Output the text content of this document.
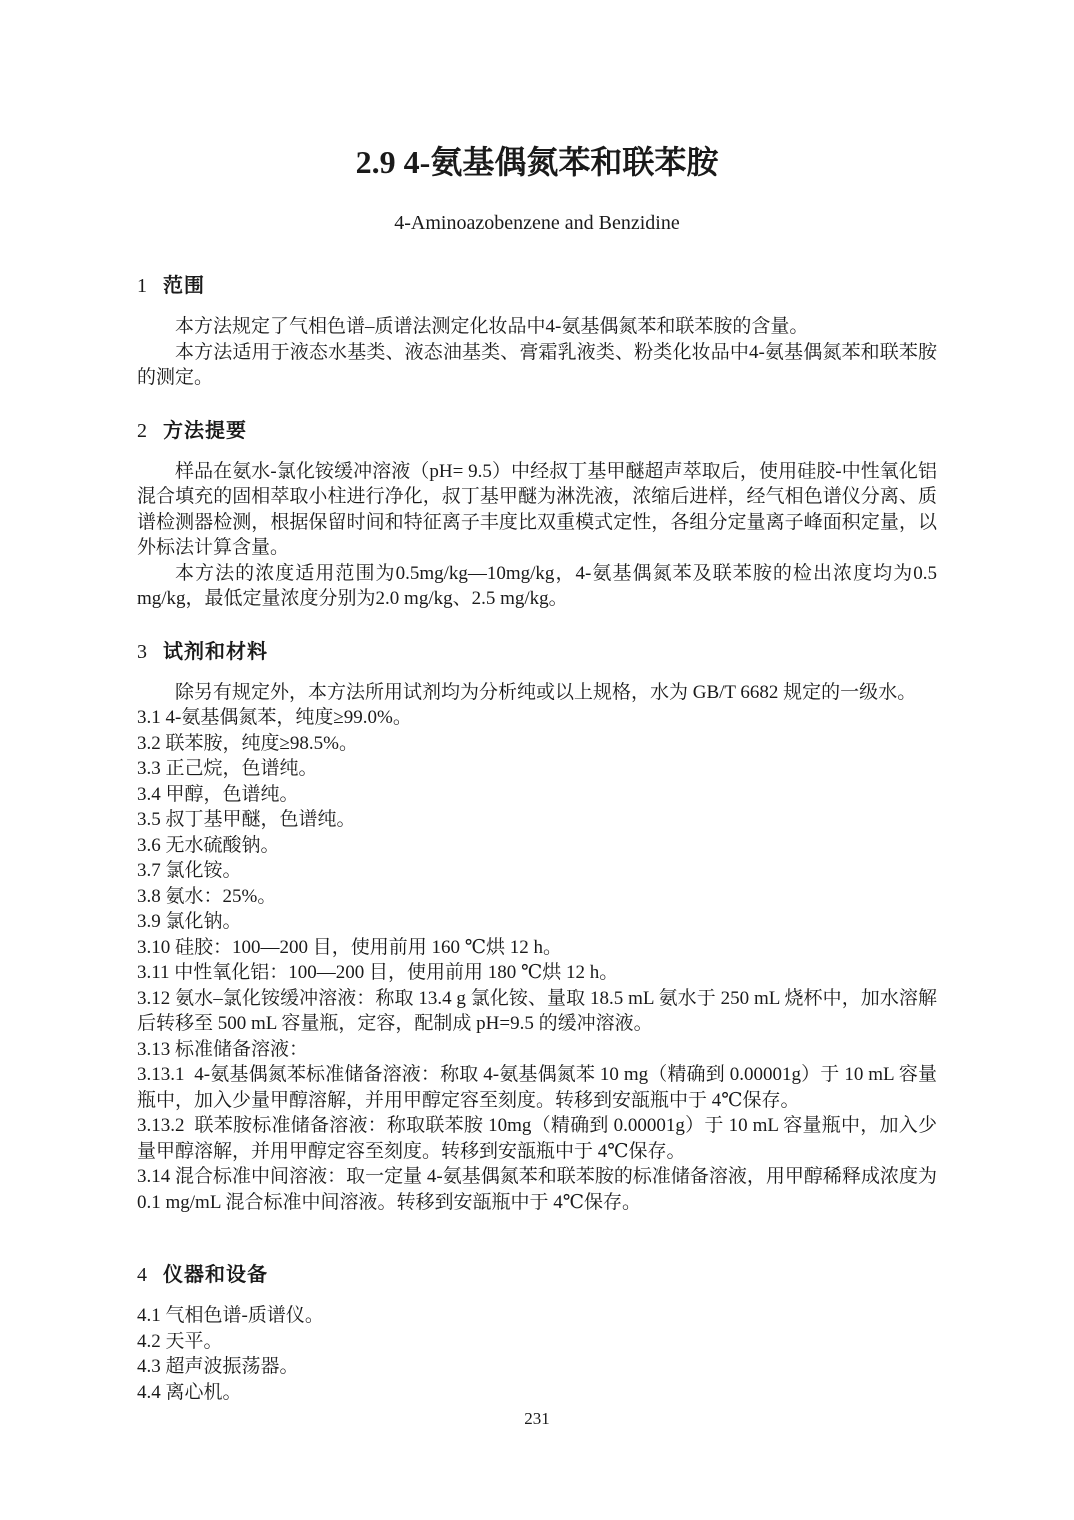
2.9 4-氨基偶氮苯和联苯胺
4-Aminoazobenzene and Benzidine
1 范围

本方法规定了气相色谱–质谱法测定化妆品中4-氨基偶氮苯和联苯胺的含量。

本方法适用于液态水基类、液态油基类、膏霜乳液类、粉类化妆品中4-氨基偶氮苯和联苯胺的测定。

2 方法提要

样品在氨水-氯化铵缓冲溶液（pH= 9.5）中经叔丁基甲醚超声萃取后，使用硅胶-中性氧化铝混合填充的固相萃取小柱进行净化，叔丁基甲醚为淋洗液，浓缩后进样，经气相色谱仪分离、质谱检测器检测，根据保留时间和特征离子丰度比双重模式定性，各组分定量离子峰面积定量，以外标法计算含量。

本方法的浓度适用范围为0.5mg/kg—10mg/kg，4-氨基偶氮苯及联苯胺的检出浓度均为0.5 mg/kg，最低定量浓度分别为2.0 mg/kg、2.5 mg/kg。

3 试剂和材料

除另有规定外，本方法所用试剂均为分析纯或以上规格，水为 GB/T 6682 规定的一级水。

3.1 4-氨基偶氮苯，纯度≥99.0%。

3.2 联苯胺，纯度≥98.5%。

3.3 正己烷，色谱纯。

3.4 甲醇，色谱纯。

3.5 叔丁基甲醚，色谱纯。

3.6 无水硫酸钠。

3.7 氯化铵。

3.8 氨水：25%。

3.9 氯化钠。

3.10 硅胶：100—200 目，使用前用 160 ℃烘 12 h。

3.11 中性氧化铝：100—200 目，使用前用 180 ℃烘 12 h。

3.12 氨水–氯化铵缓冲溶液：称取 13.4 g 氯化铵、量取 18.5 mL 氨水于 250 mL 烧杯中，加水溶解后转移至 500 mL 容量瓶，定容，配制成 pH=9.5 的缓冲溶液。

3.13 标准储备溶液：

3.13.1  4-氨基偶氮苯标准储备溶液：称取 4-氨基偶氮苯 10 mg（精确到 0.00001g）于 10 mL 容量瓶中，加入少量甲醇溶解，并用甲醇定容至刻度。转移到安瓿瓶中于 4℃保存。

3.13.2  联苯胺标准储备溶液：称取联苯胺 10mg（精确到 0.00001g）于 10 mL 容量瓶中，加入少量甲醇溶解，并用甲醇定容至刻度。转移到安瓿瓶中于 4℃保存。

3.14 混合标准中间溶液：取一定量 4-氨基偶氮苯和联苯胺的标准储备溶液，用甲醇稀释成浓度为 0.1 mg/mL 混合标准中间溶液。转移到安瓿瓶中于 4℃保存。

4 仪器和设备

4.1 气相色谱-质谱仪。

4.2 天平。

4.3 超声波振荡器。

4.4 离心机。

231
